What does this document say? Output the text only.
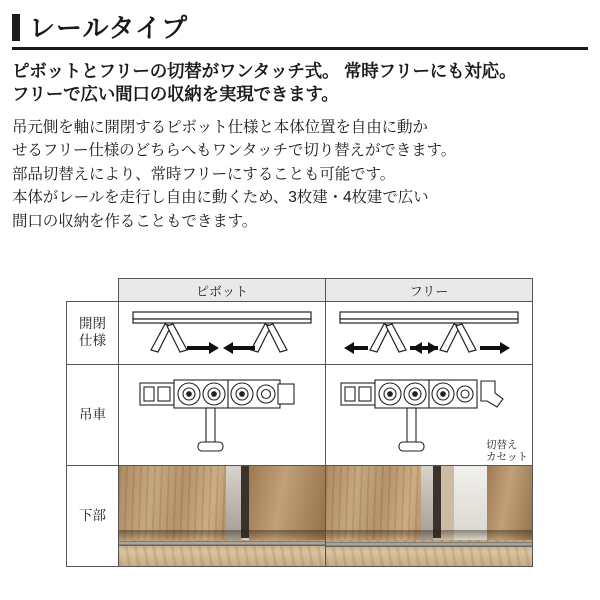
レールタイプ
ピボットとフリーの切替がワンタッチ式。 常時フリーにも対応。
フリーで広い間口の収納を実現できます。
吊元側を軸に開閉するピボット仕様と本体位置を自由に動か
せるフリー仕様のどちらへもワンタッチで切り替えができます。
部品切替えにより、常時フリーにすることも可能です。
本体がレールを走行し自由に動くため、3枚建・4枚建で広い
間口の収納を作ることもできます。
	ピボット	フリー

開閉
仕様

吊車		切替え
カセット

下部	
